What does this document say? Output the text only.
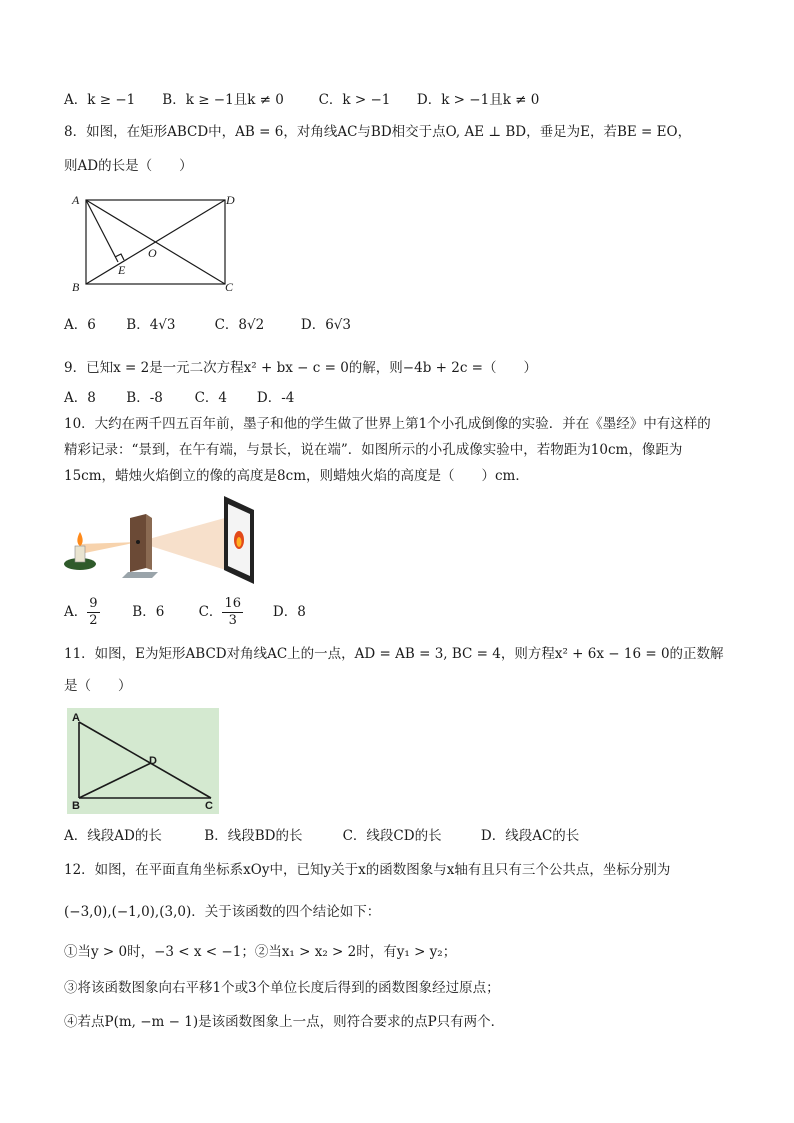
A．k ≥ −1 B．k ≥ −1且k ≠ 0	C．k > −1 D．k > −1且k ≠ 0
8．如图，在矩形ABCD中，AB = 6，对角线AC与BD相交于点O, AE ⊥ BD，垂足为E，若BE = EO，
则AD的长是（　　）
A	D
B	C
E
O
A．6 B．4√3	C．8√2	D．6√3
9．已知x = 2是一元二次方程x² + bx − c = 0的解，则−4b + 2c =（　　）
A．8 B．-8 C．4 D．-4
10．大约在两千四五百年前，墨子和他的学生做了世界上第1个小孔成倒像的实验．并在《墨经》中有这样的
精彩记录：“景到，在午有端，与景长，说在端”．如图所示的小孔成像实验中，若物距为10cm，像距为
15cm，蜡烛火焰倒立的像的高度是8cm，则蜡烛火焰的高度是（　　）cm．
A． $\frac{9}{2}$ B．6	C． $\frac{16}{3}$ D．8
11．如图，E为矩形ABCD对角线AC上的一点，AD = AB = 3, BC = 4，则方程x² + 6x − 16 = 0的正数解
是（　　）
A
B	C
D
A．线段AD的长	B．线段BD的长	C．线段CD的长	D．线段AC的长
12．如图，在平面直角坐标系xOy中，已知y关于x的函数图象与x轴有且只有三个公共点，坐标分别为
(−3,0),(−1,0),(3,0)．关于该函数的四个结论如下：
①当y > 0时，−3 < x < −1；②当x₁ > x₂ > 2时，有y₁ > y₂；
③将该函数图象向右平移1个或3个单位长度后得到的函数图象经过原点；
④若点P(m, −m − 1)是该函数图象上一点，则符合要求的点P只有两个．
